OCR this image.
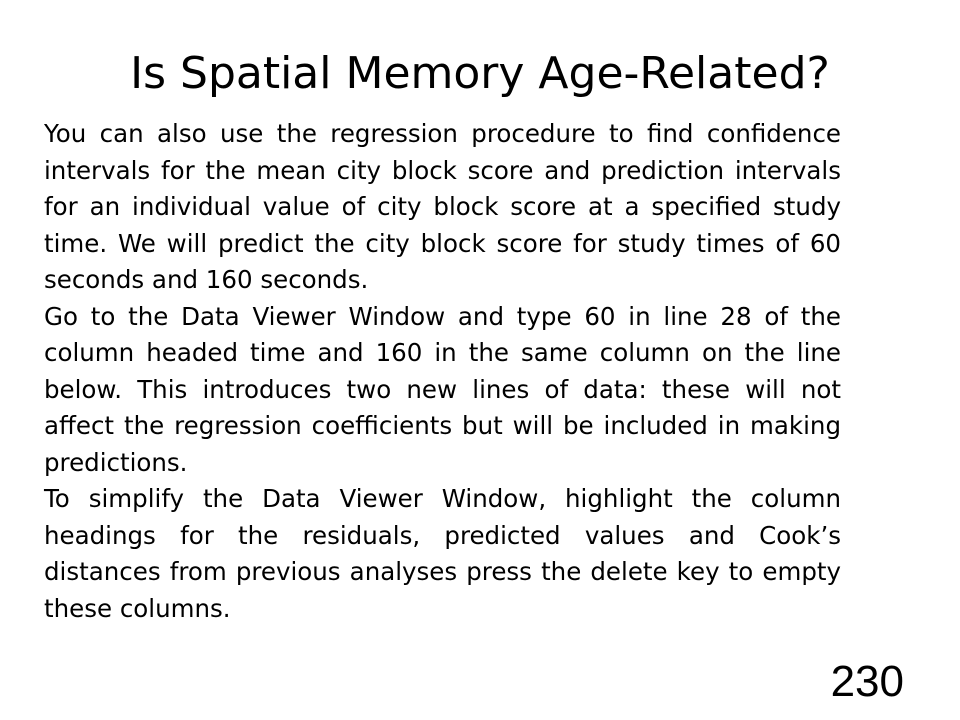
Is Spatial Memory Age-Related?

You can also use the regression procedure to find confidence intervals for the mean city block score and prediction intervals for an individual value of city block score at a specified study time. We will predict the city block score for study times of 60 seconds and 160 seconds.

Go to the Data Viewer Window and type 60 in line 28 of the column headed time and 160 in the same column on the line below. This introduces two new lines of data: these will not affect the regression coefficients but will be included in making predictions.

To simplify the Data Viewer Window, highlight the column headings for the residuals, predicted values and Cook’s distances from previous analyses press the delete key to empty these columns.

230
